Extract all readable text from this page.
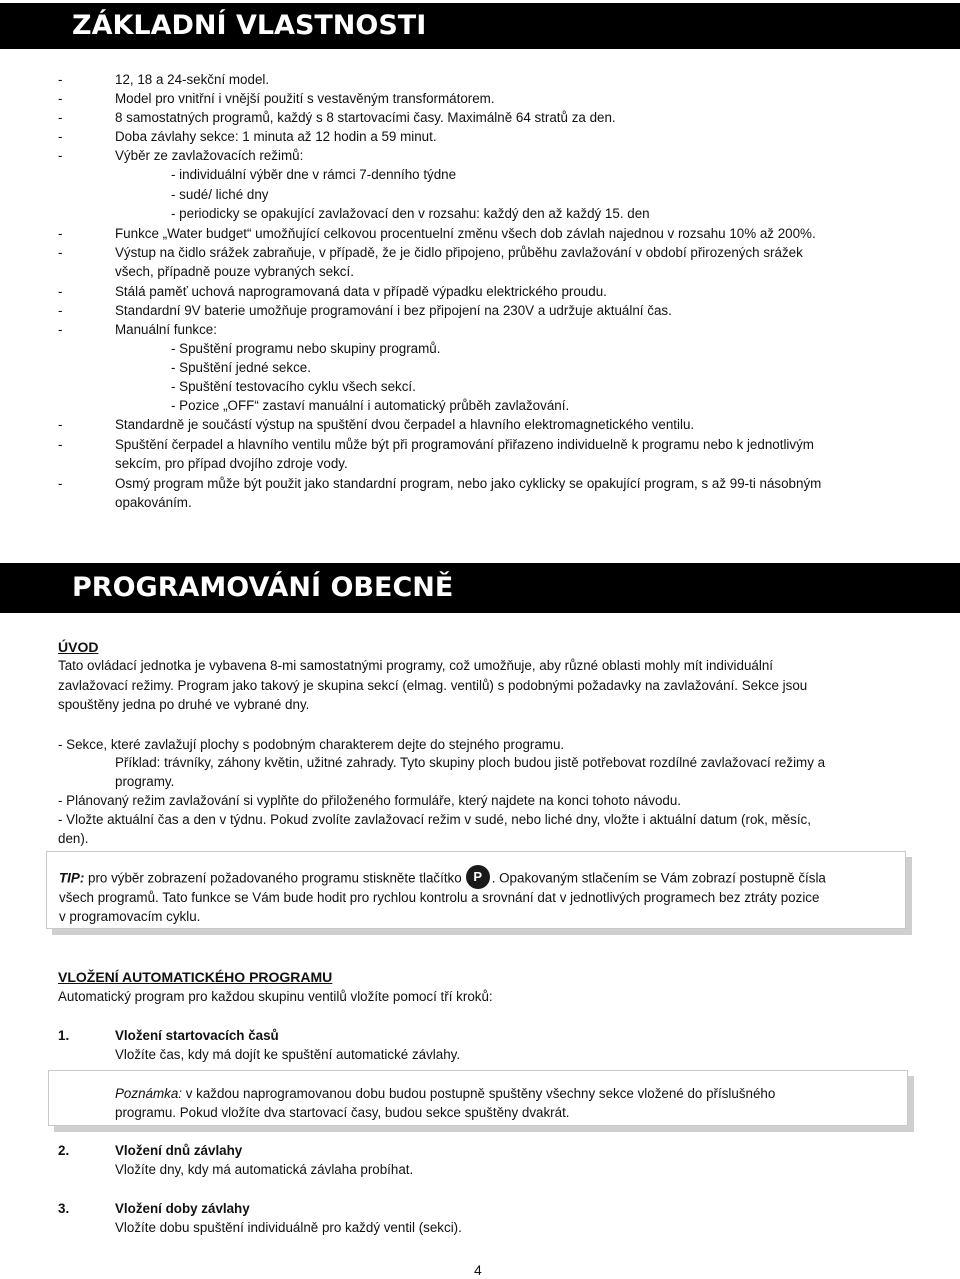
ZÁKLADNÍ VLASTNOSTI
-	12, 18 a 24-sekční model.
-	Model pro vnitřní i vnější použití s vestavěným transformátorem.
-	8 samostatných programů, každý s 8 startovacími časy. Maximálně 64 stratů za den.
-	Doba závlahy sekce: 1 minuta až 12 hodin a 59 minut.
-	Výběr ze zavlažovacích režimů:
- individuální výběr dne v rámci 7-denního týdne
- sudé/ liché dny
- periodicky se opakující zavlažovací den v rozsahu: každý den až každý 15. den
-	Funkce „Water budget“ umožňující celkovou procentuelní změnu všech dob závlah najednou v rozsahu 10% až 200%.
-	Výstup na čidlo srážek zabraňuje, v případě, že je čidlo připojeno, průběhu zavlažování v období přirozených srážek
všech, případně pouze vybraných sekcí.
-	Stálá paměť uchová naprogramovaná data v případě výpadku elektrického proudu.
-	Standardní 9V baterie umožňuje programování i bez připojení na 230V a udržuje aktuální čas.
-	Manuální funkce:
- Spuštění programu nebo skupiny programů.
- Spuštění jedné sekce.
- Spuštění testovacího cyklu všech sekcí.
- Pozice „OFF“ zastaví manuální i automatický průběh zavlažování.
-	Standardně je součástí výstup na spuštění dvou čerpadel a hlavního elektromagnetického ventilu.
-	Spuštění čerpadel a hlavního ventilu může být při programování přiřazeno individuelně k programu nebo k jednotlivým
sekcím, pro případ dvojího zdroje vody.
-	Osmý program může být použit jako standardní program, nebo jako cyklicky se opakující program, s až 99-ti násobným
opakováním.
PROGRAMOVÁNÍ OBECNĚ
ÚVOD
Tato ovládací jednotka je vybavena 8-mi samostatnými programy, což umožňuje, aby různé oblasti mohly mít individuální
zavlažovací režimy. Program jako takový je skupina sekcí (elmag. ventilů) s podobnými požadavky na zavlažování. Sekce jsou
spouštěny jedna po druhé ve vybrané dny.
- Sekce, které zavlažují plochy s podobným charakterem dejte do stejného programu.
Příklad: trávníky, záhony květin, užitné zahrady. Tyto skupiny ploch budou jistě potřebovat rozdílné zavlažovací režimy a
programy.
- Plánovaný režim zavlažování si vyplňte do přiloženého formuláře, který najdete na konci tohoto návodu.
- Vložte aktuální čas a den v týdnu. Pokud zvolíte zavlažovací režim v sudé, nebo liché dny, vložte i aktuální datum (rok, měsíc,
den).
TIP: pro výběr zobrazení požadovaného programu stiskněte tlačítko P . Opakovaným stlačením se Vám zobrazí postupně čísla
všech programů. Tato funkce se Vám bude hodit pro rychlou kontrolu a srovnání dat v jednotlivých programech bez ztráty pozice
v programovacím cyklu.
VLOŽENÍ AUTOMATICKÉHO PROGRAMU
Automatický program pro každou skupinu ventilů vložíte pomocí tří kroků:
1.	Vložení startovacích časů
Vložíte čas, kdy má dojít ke spuštění automatické závlahy.
Poznámka: v každou naprogramovanou dobu budou postupně spuštěny všechny sekce vložené do příslušného
programu. Pokud vložíte dva startovací časy, budou sekce spuštěny dvakrát.
2.	Vložení dnů závlahy
Vložíte dny, kdy má automatická závlaha probíhat.
3.	Vložení doby závlahy
Vložíte dobu spuštění individuálně pro každý ventil (sekci).
4
